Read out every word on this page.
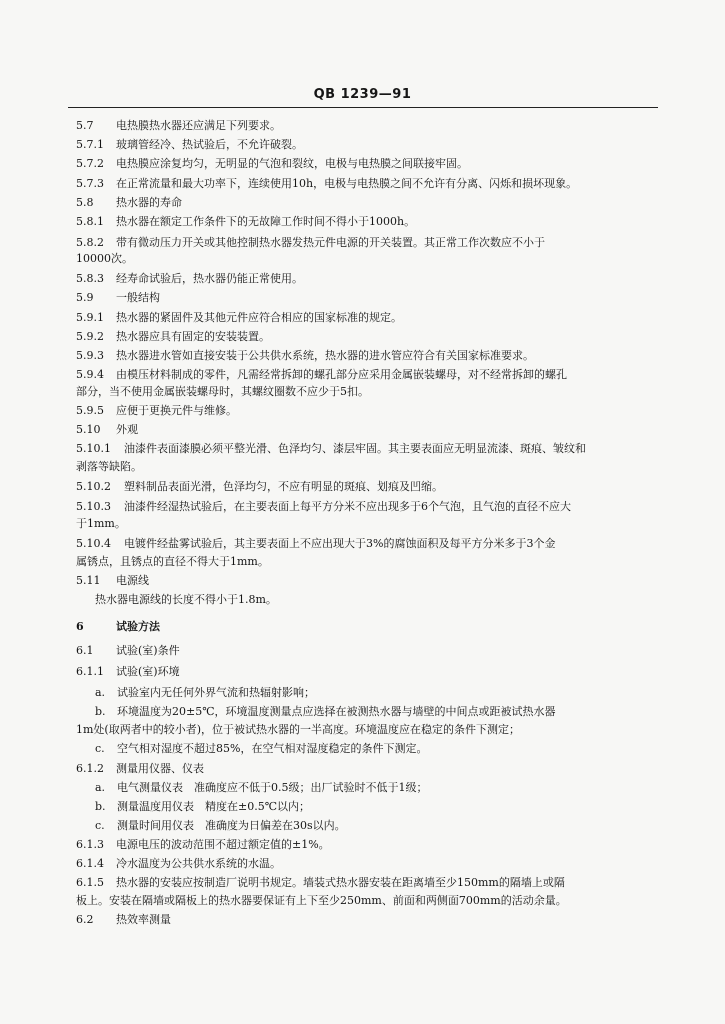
QB 1239—91
5.7 电热膜热水器还应满足下列要求。
5.7.1 玻璃管经冷、热试验后，不允许破裂。
5.7.2 电热膜应涂复均匀，无明显的气泡和裂纹，电极与电热膜之间联接牢固。
5.7.3 在正常流量和最大功率下，连续使用10h，电极与电热膜之间不允许有分离、闪烁和损坏现象。
5.8 热水器的寿命
5.8.1 热水器在额定工作条件下的无故障工作时间不得小于1000h。
5.8.2 带有微动压力开关或其他控制热水器发热元件电源的开关装置。其正常工作次数应不小于
10000次。
5.8.3 经寿命试验后，热水器仍能正常使用。
5.9 一般结构
5.9.1 热水器的紧固件及其他元件应符合相应的国家标准的规定。
5.9.2 热水器应具有固定的安装装置。
5.9.3 热水器进水管如直接安装于公共供水系统，热水器的进水管应符合有关国家标准要求。
5.9.4 由模压材料制成的零件，凡需经常拆卸的螺孔部分应采用金属嵌装螺母，对不经常拆卸的螺孔
部分，当不使用金属嵌装螺母时，其螺纹圈数不应少于5扣。
5.9.5 应便于更换元件与维修。
5.10 外观
5.10.1 油漆件表面漆膜必须平整光滑、色泽均匀、漆层牢固。其主要表面应无明显流漆、斑痕、皱纹和
剥落等缺陷。
5.10.2 塑料制品表面光滑，色泽均匀，不应有明显的斑痕、划痕及凹缩。
5.10.3 油漆件经湿热试验后，在主要表面上每平方分米不应出现多于6个气泡，且气泡的直径不应大
于1mm。
5.10.4 电镀件经盐雾试验后，其主要表面上不应出现大于3%的腐蚀面积及每平方分米多于3个金
属锈点，且锈点的直径不得大于1mm。
5.11 电源线
热水器电源线的长度不得小于1.8m。
6	试验方法
6.1 试验(室)条件
6.1.1 试验(室)环境
a. 试验室内无任何外界气流和热辐射影响；
b. 环境温度为20±5℃，环境温度测量点应选择在被测热水器与墙壁的中间点或距被试热水器
1m处(取两者中的较小者)，位于被试热水器的一半高度。环境温度应在稳定的条件下测定；
c. 空气相对湿度不超过85%，在空气相对湿度稳定的条件下测定。
6.1.2 测量用仪器、仪表
a. 电气测量仪表　准确度应不低于0.5级；出厂试验时不低于1级；
b. 测量温度用仪表　精度在±0.5℃以内；
c. 测量时间用仪表　准确度为日偏差在30s以内。
6.1.3 电源电压的波动范围不超过额定值的±1%。
6.1.4 冷水温度为公共供水系统的水温。
6.1.5 热水器的安装应按制造厂说明书规定。墙装式热水器安装在距离墙至少150mm的隔墙上或隔
板上。安装在隔墙或隔板上的热水器要保证有上下至少250mm、前面和两侧面700mm的活动余量。
6.2 热效率测量
